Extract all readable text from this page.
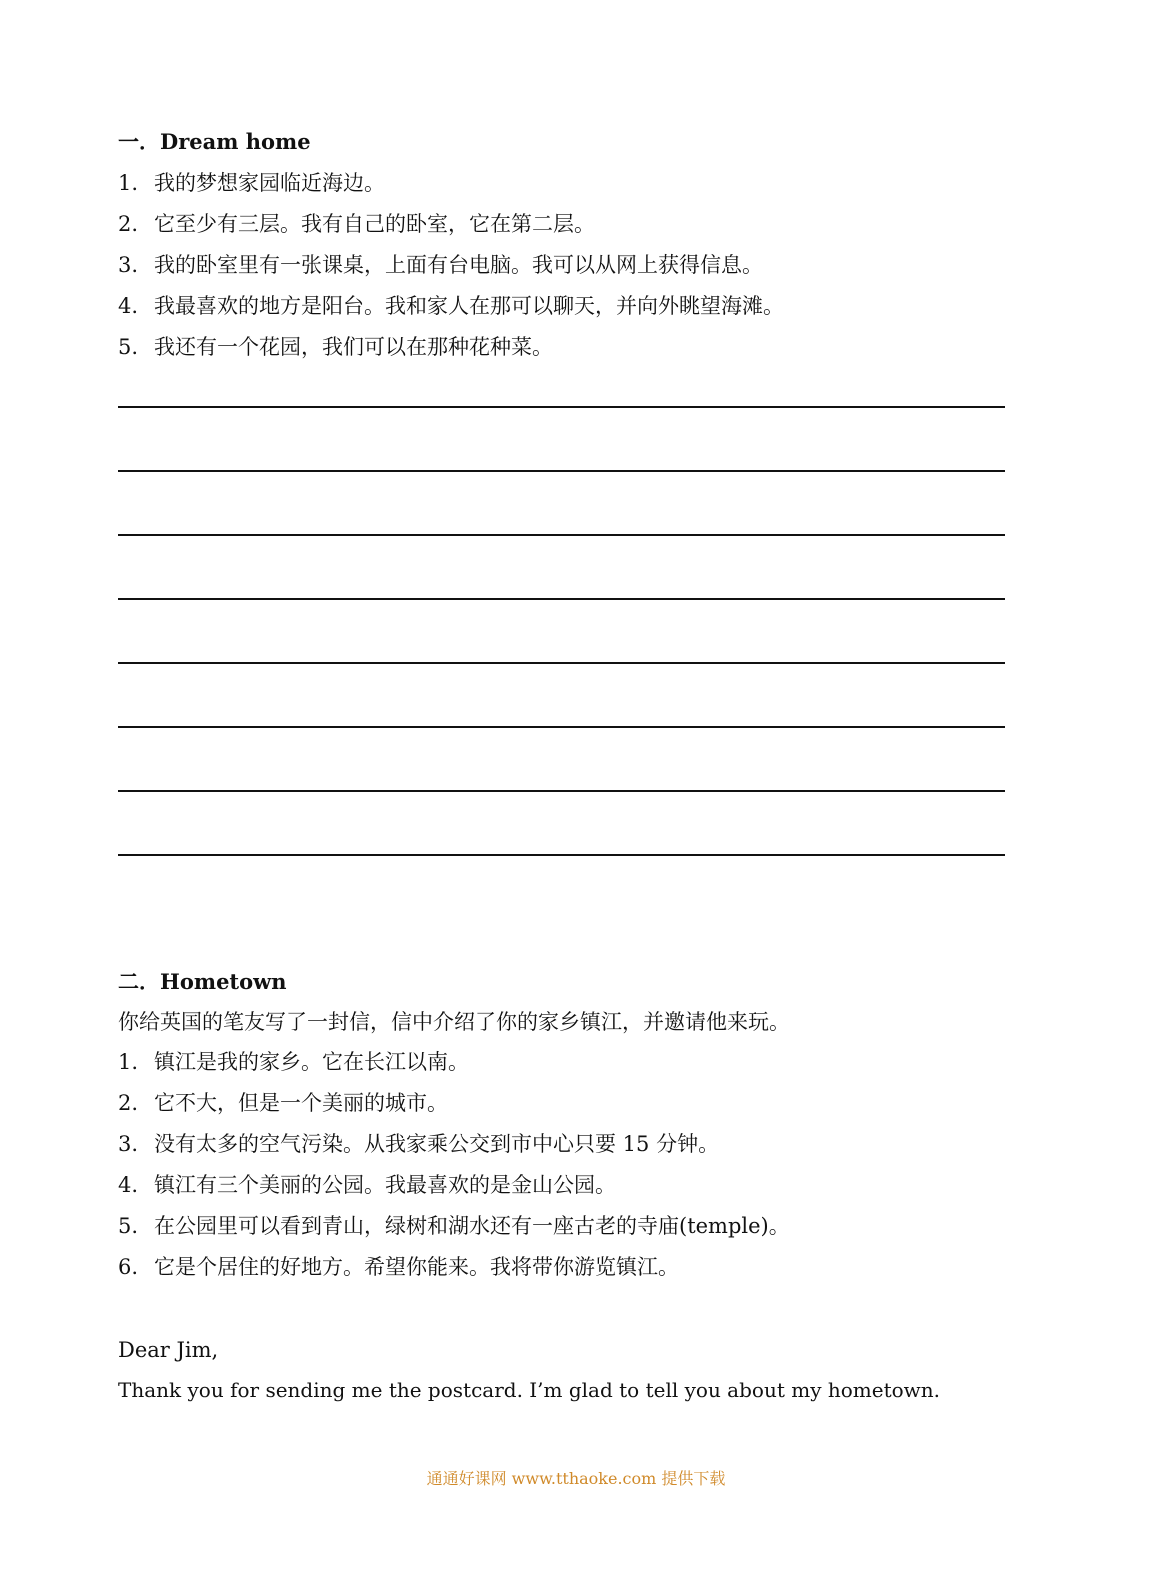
一．Dream home
1. 我的梦想家园临近海边。
2. 它至少有三层。我有自己的卧室，它在第二层。
3. 我的卧室里有一张课桌，上面有台电脑。我可以从网上获得信息。
4. 我最喜欢的地方是阳台。我和家人在那可以聊天，并向外眺望海滩。
5. 我还有一个花园，我们可以在那种花种菜。
二．Hometown
你给英国的笔友写了一封信，信中介绍了你的家乡镇江，并邀请他来玩。
1. 镇江是我的家乡。它在长江以南。
2. 它不大，但是一个美丽的城市。
3. 没有太多的空气污染。从我家乘公交到市中心只要 15 分钟。
4. 镇江有三个美丽的公园。我最喜欢的是金山公园。
5. 在公园里可以看到青山，绿树和湖水还有一座古老的寺庙(temple)。
6. 它是个居住的好地方。希望你能来。我将带你游览镇江。
Dear Jim,
Thank you for sending me the postcard. I’m glad to tell you about my hometown.
通通好课网 www.tthaoke.com 提供下载
